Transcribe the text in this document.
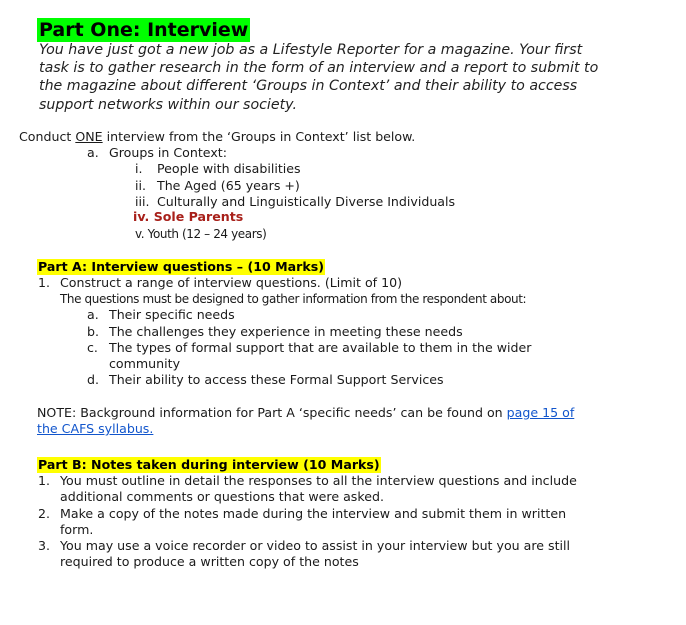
Part One: Interview
You have just got a new job as a Lifestyle Reporter for a magazine. Your first
task is to gather research in the form of an interview and a report to submit to
the magazine about different ‘Groups in Context’ and their ability to access
support networks within our society.
Conduct ONE interview from the ‘Groups in Context’ list below.
a. Groups in Context:
i. People with disabilities
ii. The Aged (65 years +)
iii. Culturally and Linguistically Diverse Individuals
iv. Sole Parents
v. Youth (12 – 24 years)
Part A: Interview questions – (10 Marks)
1. Construct a range of interview questions. (Limit of 10)
The questions must be designed to gather information from the respondent about:
a. Their specific needs
b. The challenges they experience in meeting these needs
c. The types of formal support that are available to them in the wider
community
d. Their ability to access these Formal Support Services
NOTE: Background information for Part A ‘specific needs’ can be found on page 15 of
the CAFS syllabus.
Part B: Notes taken during interview (10 Marks)
1. You must outline in detail the responses to all the interview questions and include
additional comments or questions that were asked.
2. Make a copy of the notes made during the interview and submit them in written
form.
3. You may use a voice recorder or video to assist in your interview but you are still
required to produce a written copy of the notes
